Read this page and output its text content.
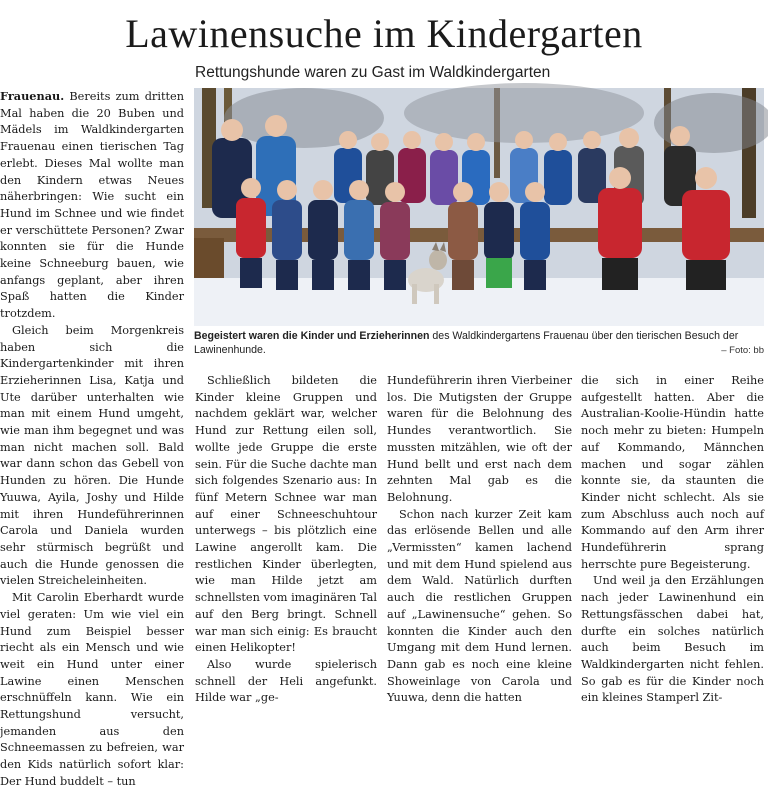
Lawinensuche im Kindergarten
Rettungshunde waren zu Gast im Waldkindergarten

Frauenau. Bereits zum dritten Mal haben die 20 Buben und Mädels im Waldkindergarten Frauenau einen tierischen Tag erlebt. Dieses Mal wollte man den Kindern etwas Neues näherbringen: Wie sucht ein Hund im Schnee und wie findet er verschüttete Personen? Zwar konnten sie für die Hunde keine Schneeburg bauen, wie anfangs geplant, aber ihren Spaß hatten die Kinder trotzdem.

Gleich beim Morgenkreis haben sich die Kindergartenkinder mit ihren Erzieherinnen Lisa, Katja und Ute darüber unterhalten wie man mit einem Hund umgeht, wie man ihm begegnet und was man nicht machen soll. Bald war dann schon das Gebell von Hunden zu hören. Die Hunde Yuuwa, Ayila, Joshy und Hilde mit ihren Hundeführerinnen Carola und Daniela wurden sehr stürmisch begrüßt und auch die Hunde genossen die vielen Streicheleinheiten.

Mit Carolin Eberhardt wurde viel geraten: Um wie viel ein Hund zum Beispiel besser riecht als ein Mensch und wie weit ein Hund unter einer Lawine einen Menschen erschnüffeln kann. Wie ein Rettungshund versucht, jemanden aus den Schneemassen zu befreien, war den Kids natürlich sofort klar: Der Hund buddelt – tun

Begeistert waren die Kinder und Erzieherinnen des Waldkindergartens Frauenau über den tierischen Besuch der Lawinenhunde.	– Foto: bb

Schließlich bildeten die Kinder kleine Gruppen und nachdem geklärt war, welcher Hund zur Rettung eilen soll, wollte jede Gruppe die erste sein. Für die Suche dachte man sich folgendes Szenario aus: In fünf Metern Schnee war man auf einer Schneeschuhtour unterwegs – bis plötzlich eine Lawine angerollt kam. Die restlichen Kinder überlegten, wie man Hilde jetzt am schnellsten vom imaginären Tal auf den Berg bringt. Schnell war man sich einig: Es braucht einen Helikopter!

Also wurde spielerisch schnell der Heli angefunkt. Hilde war „ge-

Hundeführerin ihren Vierbeiner los. Die Mutigsten der Gruppe waren für die Belohnung des Hundes verantwortlich. Sie mussten mitzählen, wie oft der Hund bellt und erst nach dem zehnten Mal gab es die Belohnung.

Schon nach kurzer Zeit kam das erlösende Bellen und alle „Vermissten“ kamen lachend und mit dem Hund spielend aus dem Wald. Natürlich durften auch die restlichen Gruppen auf „Lawinensuche“ gehen. So konnten die Kinder auch den Umgang mit dem Hund lernen. Dann gab es noch eine kleine Showeinlage von Carola und Yuuwa, denn die hatten

die sich in einer Reihe aufgestellt hatten. Aber die Australian-Koolie-Hündin hatte noch mehr zu bieten: Humpeln auf Kommando, Männchen machen und sogar zählen konnte sie, da staunten die Kinder nicht schlecht. Als sie zum Abschluss auch noch auf Kommando auf den Arm ihrer Hundeführerin sprang herrschte pure Begeisterung.

Und weil ja den Erzählungen nach jeder Lawinenhund ein Rettungsfässchen dabei hat, durfte ein solches natürlich auch beim Besuch im Waldkindergarten nicht fehlen. So gab es für die Kinder noch ein kleines Stamperl Zit-
